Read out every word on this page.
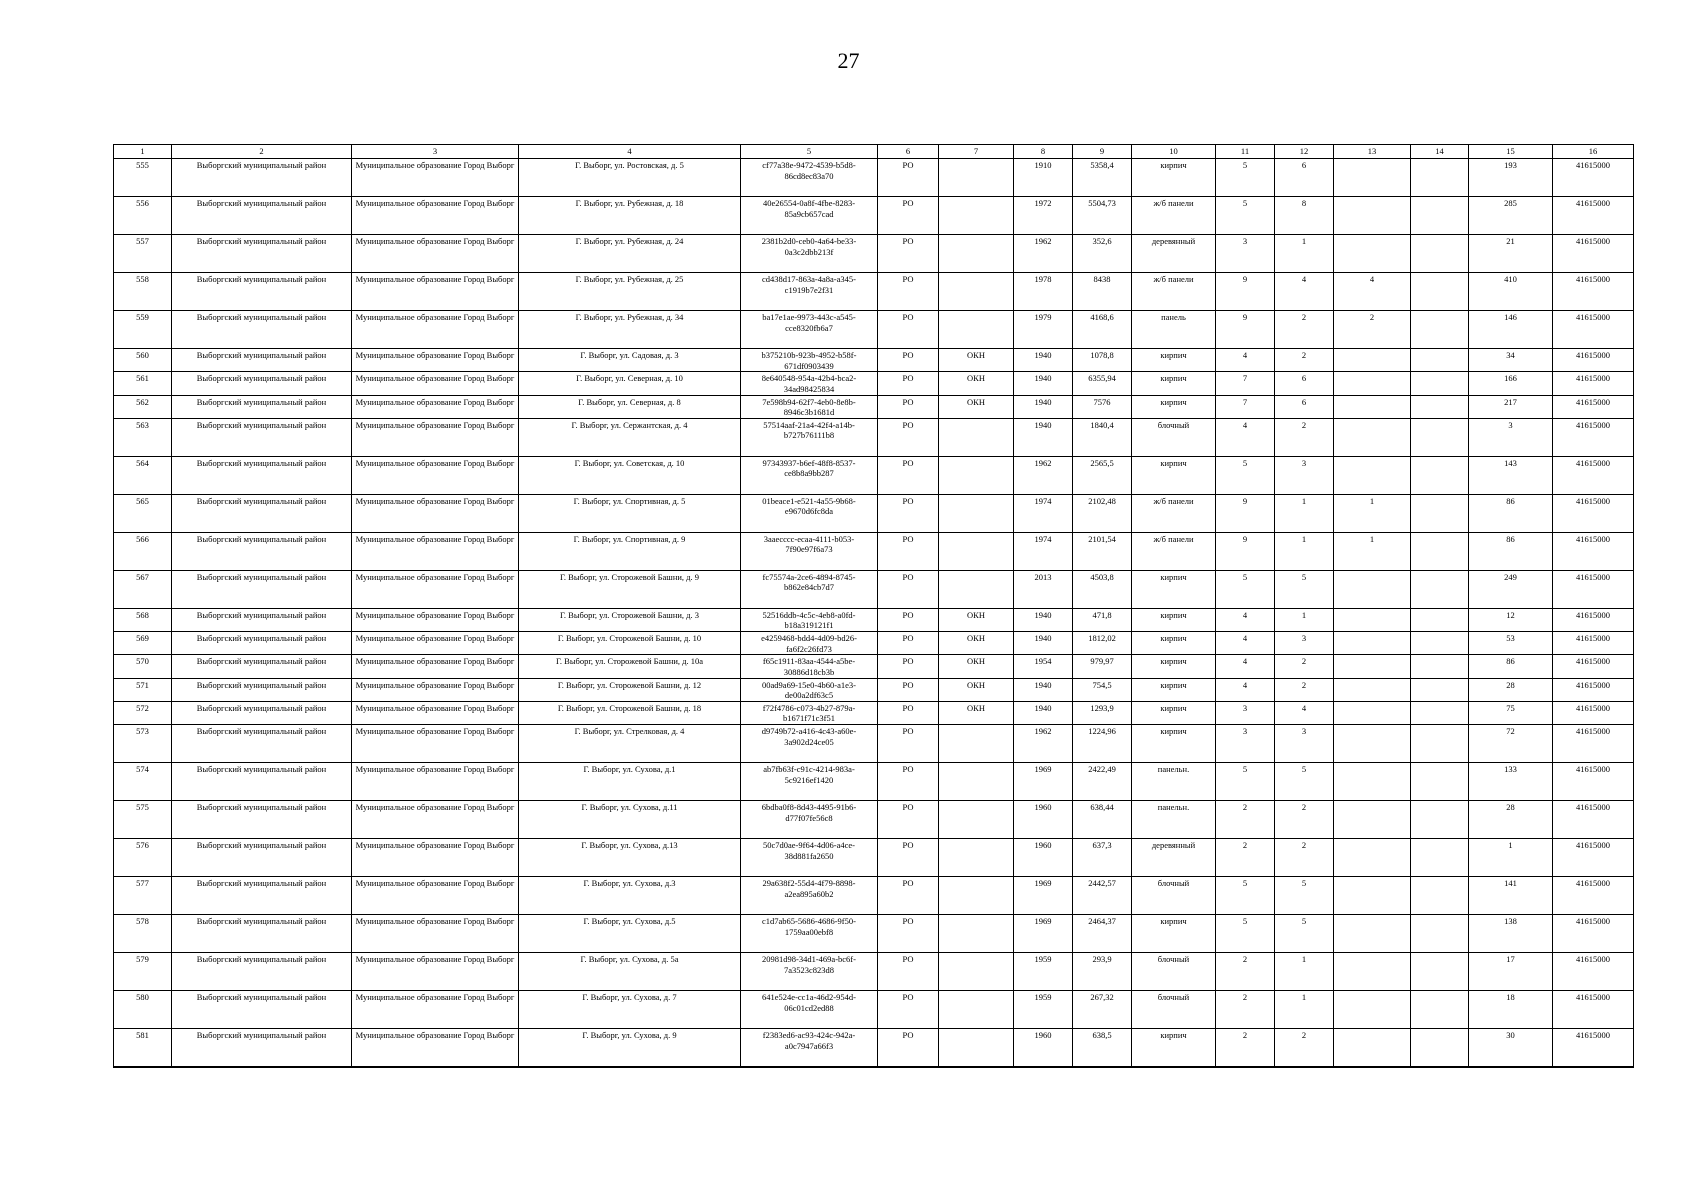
27
1	2	3	4	5	6	7	8	9	10	11	12	13	14	15	16
555	Выборгский муниципальный район	Муниципальное образование Город Выборг	Г. Выборг, ул. Ростовская, д. 5	cf77a38e-9472-4539-b5d8-86cd8ec83a70	РО		1910	5358,4	кирпич	5	6			193	41615000
556	Выборгский муниципальный район	Муниципальное образование Город Выборг	Г. Выборг, ул. Рубежная, д. 18	40e26554-0a8f-4fbe-8283-85a9cb657cad	РО		1972	5504,73	ж/б панели	5	8			285	41615000
557	Выборгский муниципальный район	Муниципальное образование Город Выборг	Г. Выборг, ул. Рубежная, д. 24	2381b2d0-ceb0-4a64-be33-0a3c2dbb213f	РО		1962	352,6	деревянный	3	1			21	41615000
558	Выборгский муниципальный район	Муниципальное образование Город Выборг	Г. Выборг, ул. Рубежная, д. 25	cd438d17-863a-4a8a-a345-c1919b7e2f31	РО		1978	8438	ж/б панели	9	4	4		410	41615000
559	Выборгский муниципальный район	Муниципальное образование Город Выборг	Г. Выборг, ул. Рубежная, д. 34	ba17e1ae-9973-443c-a545-cce8320fb6a7	РО		1979	4168,6	панель	9	2	2		146	41615000
560	Выборгский муниципальный район	Муниципальное образование Город Выборг	Г. Выборг, ул. Садовая, д. 3	b375210b-923b-4952-b58f-671df0903439	РО	ОКН	1940	1078,8	кирпич	4	2			34	41615000
561	Выборгский муниципальный район	Муниципальное образование Город Выборг	Г. Выборг, ул. Северная, д. 10	8e640548-954a-42b4-bca2-34ad98425834	РО	ОКН	1940	6355,94	кирпич	7	6			166	41615000
562	Выборгский муниципальный район	Муниципальное образование Город Выборг	Г. Выборг, ул. Северная, д. 8	7e598b94-62f7-4eb0-8e8b-8946c3b1681d	РО	ОКН	1940	7576	кирпич	7	6			217	41615000
563	Выборгский муниципальный район	Муниципальное образование Город Выборг	Г. Выборг, ул. Сержантская, д. 4	57514aaf-21a4-42f4-a14b-b727b76111b8	РО		1940	1840,4	блочный	4	2			3	41615000
564	Выборгский муниципальный район	Муниципальное образование Город Выборг	Г. Выборг, ул. Советская, д. 10	97343937-b6ef-48f8-8537-ce8b8a9bb287	РО		1962	2565,5	кирпич	5	3			143	41615000
565	Выборгский муниципальный район	Муниципальное образование Город Выборг	Г. Выборг, ул. Спортивная, д. 5	01beace1-e521-4a55-9b68-e9670d6fc8da	РО		1974	2102,48	ж/б панели	9	1	1		86	41615000
566	Выборгский муниципальный район	Муниципальное образование Город Выборг	Г. Выборг, ул. Спортивная, д. 9	3aaecccc-ecaa-4111-b053-7f90e97f6a73	РО		1974	2101,54	ж/б панели	9	1	1		86	41615000
567	Выборгский муниципальный район	Муниципальное образование Город Выборг	Г. Выборг, ул. Сторожевой Башни, д. 9	fc75574a-2ce6-4894-8745-b862e84cb7d7	РО		2013	4503,8	кирпич	5	5			249	41615000
568	Выборгский муниципальный район	Муниципальное образование Город Выборг	Г. Выборг, ул. Сторожевой Башни, д. 3	52516ddb-4c5c-4eb8-a0fd-b18a319121f1	РО	ОКН	1940	471,8	кирпич	4	1			12	41615000
569	Выборгский муниципальный район	Муниципальное образование Город Выборг	Г. Выборг, ул. Сторожевой Башни, д. 10	e4259468-bdd4-4d09-bd26-fa6f2c26fd73	РО	ОКН	1940	1812,02	кирпич	4	3			53	41615000
570	Выборгский муниципальный район	Муниципальное образование Город Выборг	Г. Выборг, ул. Сторожевой Башни, д. 10а	f65c1911-83aa-4544-a5be-30886d18cb3b	РО	ОКН	1954	979,97	кирпич	4	2			86	41615000
571	Выборгский муниципальный район	Муниципальное образование Город Выборг	Г. Выборг, ул. Сторожевой Башни, д. 12	00ad9a69-15e0-4b60-a1e3-de00a2df63c5	РО	ОКН	1940	754,5	кирпич	4	2			28	41615000
572	Выборгский муниципальный район	Муниципальное образование Город Выборг	Г. Выборг, ул. Сторожевой Башни, д. 18	f72f4786-c073-4b27-879a-b1671f71c3f51	РО	ОКН	1940	1293,9	кирпич	3	4			75	41615000
573	Выборгский муниципальный район	Муниципальное образование Город Выборг	Г. Выборг, ул. Стрелковая, д. 4	d9749b72-a416-4c43-a60e-3a902d24ce05	РО		1962	1224,96	кирпич	3	3			72	41615000
574	Выборгский муниципальный район	Муниципальное образование Город Выборг	Г. Выборг, ул. Сухова, д.1	ab7fb63f-c91c-4214-983a-5c9216ef1420	РО		1969	2422,49	панельн.	5	5			133	41615000
575	Выборгский муниципальный район	Муниципальное образование Город Выборг	Г. Выборг, ул. Сухова, д.11	6bdba0f8-8d43-4495-91b6-d77f07fe56c8	РО		1960	638,44	панельн.	2	2			28	41615000
576	Выборгский муниципальный район	Муниципальное образование Город Выборг	Г. Выборг, ул. Сухова, д.13	50c7d0ae-9f64-4d06-a4ce-38d881fa2650	РО		1960	637,3	деревянный	2	2			1	41615000
577	Выборгский муниципальный район	Муниципальное образование Город Выборг	Г. Выборг, ул. Сухова, д.3	29a638f2-55d4-4f79-8898-a2ea895a60b2	РО		1969	2442,57	блочный	5	5			141	41615000
578	Выборгский муниципальный район	Муниципальное образование Город Выборг	Г. Выборг, ул. Сухова, д.5	c1d7ab65-5686-4686-9f50-1759aa00ebf8	РО		1969	2464,37	кирпич	5	5			138	41615000
579	Выборгский муниципальный район	Муниципальное образование Город Выборг	Г. Выборг, ул. Сухова, д. 5а	20981d98-34d1-469a-bc6f-7a3523c823d8	РО		1959	293,9	блочный	2	1			17	41615000
580	Выборгский муниципальный район	Муниципальное образование Город Выборг	Г. Выборг, ул. Сухова, д. 7	641e524e-cc1a-46d2-954d-06c01cd2ed88	РО		1959	267,32	блочный	2	1			18	41615000
581	Выборгский муниципальный район	Муниципальное образование Город Выборг	Г. Выборг, ул. Сухова, д. 9	f2383ed6-ac93-424c-942a-a0c7947a66f3	РО		1960	638,5	кирпич	2	2			30	41615000
